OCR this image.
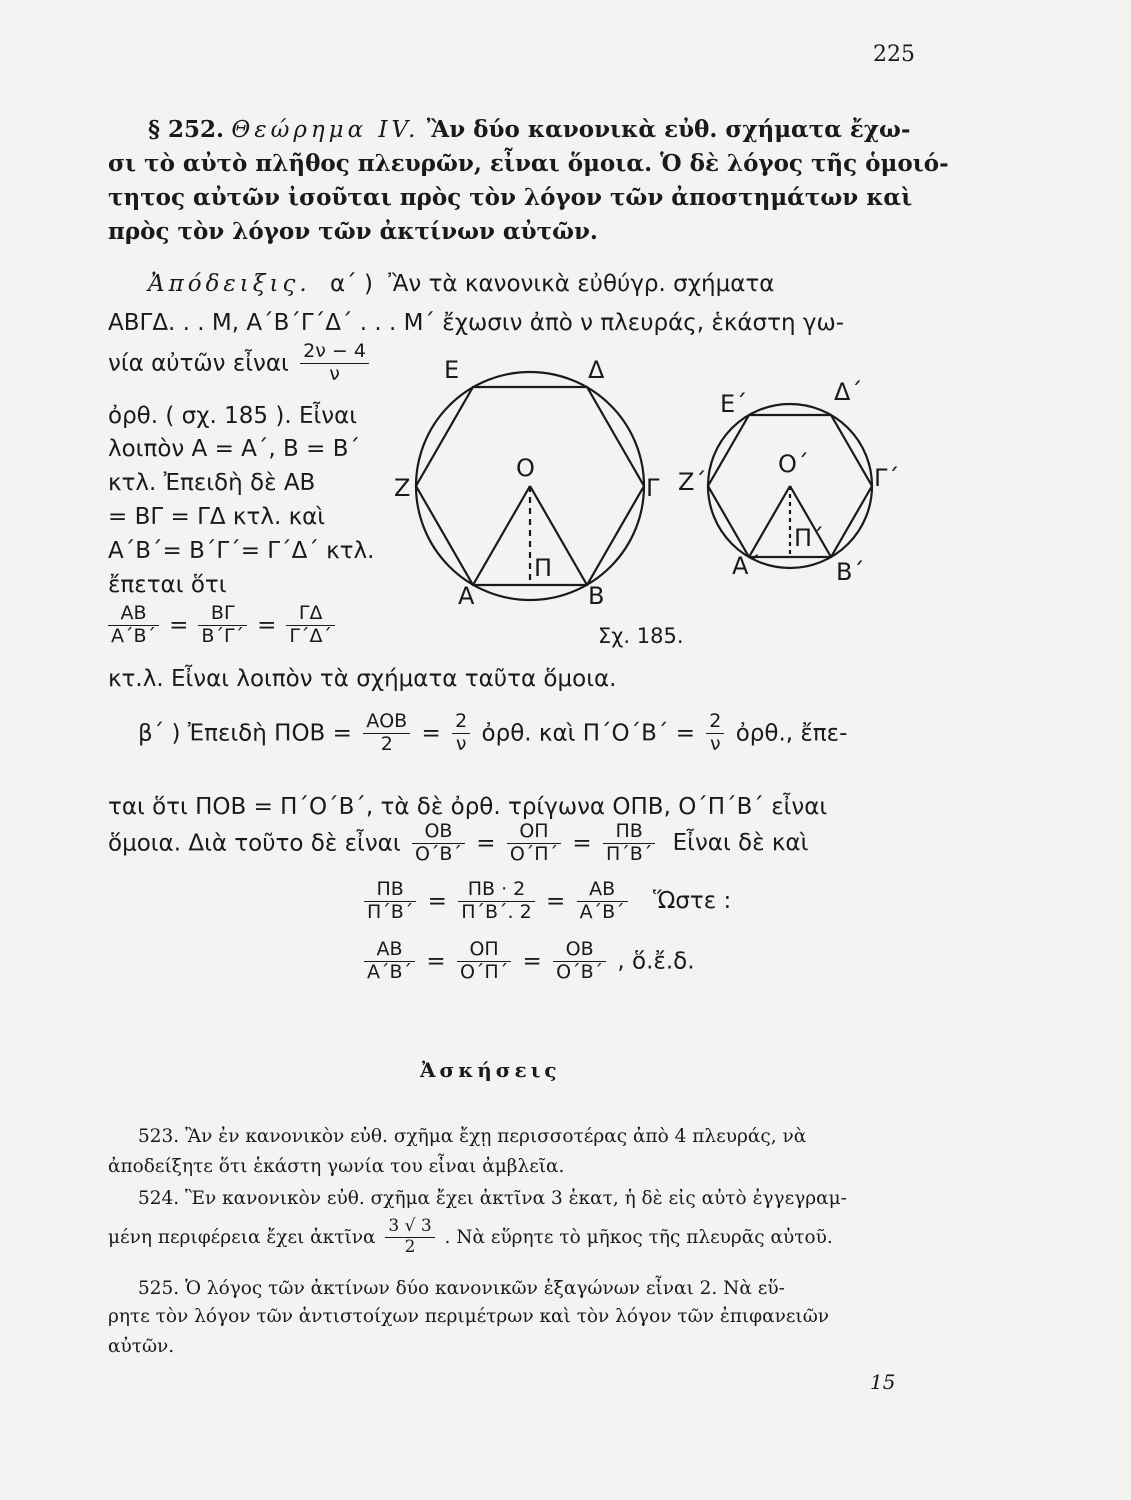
225
§ 252. Θεώρημα IV. Ἂν δύο κανονικὰ εὐθ. σχήματα ἔχω-
σι τὸ αὐτὸ πλῆθος πλευρῶν, εἶναι ὅμοια. Ὁ δὲ λόγος τῆς ὁμοιό-
τητος αὐτῶν ἰσοῦται πρὸς τὸν λόγον τῶν ἀποστημάτων καὶ
πρὸς τὸν λόγον τῶν ἀκτίνων αὐτῶν.
Ἀπόδειξις. α΄ ) Ἂν τὰ κανονικὰ εὐθύγρ. σχήματα
ΑΒΓΔ. . . Μ, Α΄Β΄Γ΄Δ΄ . . . Μ΄ ἔχωσιν ἀπὸ ν πλευράς, ἑκάστη γω-
νία αὐτῶν εἶναι $\frac{2\nu - 4}{\nu}$
ὀρθ. ( σχ. 185 ). Εἶναι
λοιπὸν Α = Α΄, Β = Β΄
κτλ. Ἐπειδὴ δὲ ΑΒ
= ΒΓ = ΓΔ κτλ. καὶ
Α΄Β΄= Β΄Γ΄= Γ΄Δ΄ κτλ.
ἔπεται ὅτι
$\frac{AB}{A΄B΄} = \frac{B\Gamma}{B΄\Gamma΄} = \frac{\Gamma\Delta}{\Gamma΄\Delta΄}$	Σχ. 185.
κτ.λ. Εἶναι λοιπὸν τὰ σχήματα ταῦτα ὅμοια.
Ε	Δ
Ζ	Γ
Ο
Π
Α	Β
Ε΄	Δ΄
Ζ΄	Γ΄
Ο΄
Π΄
Α΄	Β΄
β΄ ) Ἐπειδὴ $\Pi OB = \frac{\text{ΑΟΒ}}{2} = \frac{2}{\nu}$ ὀρθ. καὶ $\Pi΄O΄B΄ = \frac{2}{\nu}$ ὀρθ., ἔπε-
ται ὅτι ΠΟΒ = Π΄Ο΄Β΄, τὰ δὲ ὀρθ. τρίγωνα ΟΠΒ, Ο΄Π΄Β΄ εἶναι
ὅμοια. Διὰ τοῦτο δὲ εἶναι $\frac{OB}{O΄B΄} = \frac{O\Pi}{O΄\Pi΄} = \frac{\Pi B}{\Pi΄B΄}$ Εἶναι δὲ καὶ
$\frac{\Pi B}{\Pi΄B΄} = \frac{\Pi B \cdot 2}{\Pi΄B΄. 2} = \frac{AB}{A΄B΄}$ Ὥστε :
$\frac{AB}{A΄B΄} = \frac{O\Pi}{O΄\Pi΄} = \frac{OB}{O΄B΄}$ , ὅ.ἔ.δ.
Ἀσκήσεις
523. Ἂν ἐν κανονικὸν εὐθ. σχῆμα ἔχῃ περισσοτέρας ἀπὸ 4 πλευράς, νὰ
ἀποδείξητε ὅτι ἑκάστη γωνία του εἶναι ἀμβλεῖα.
524. Ἓν κανονικὸν εὐθ. σχῆμα ἔχει ἀκτῖνα 3 ἑκατ, ἡ δὲ εἰς αὐτὸ ἐγγεγραμ-
μένη περιφέρεια ἔχει ἀκτῖνα $\frac{3 √ 3}{2}$ . Νὰ εὕρητε τὸ μῆκος τῆς πλευρᾶς αὐτοῦ.
525. Ὁ λόγος τῶν ἀκτίνων δύο κανονικῶν ἑξαγώνων εἶναι 2. Νὰ εὕ-
ρητε τὸν λόγον τῶν ἀντιστοίχων περιμέτρων καὶ τὸν λόγον τῶν ἐπιφανειῶν
αὐτῶν.
15
